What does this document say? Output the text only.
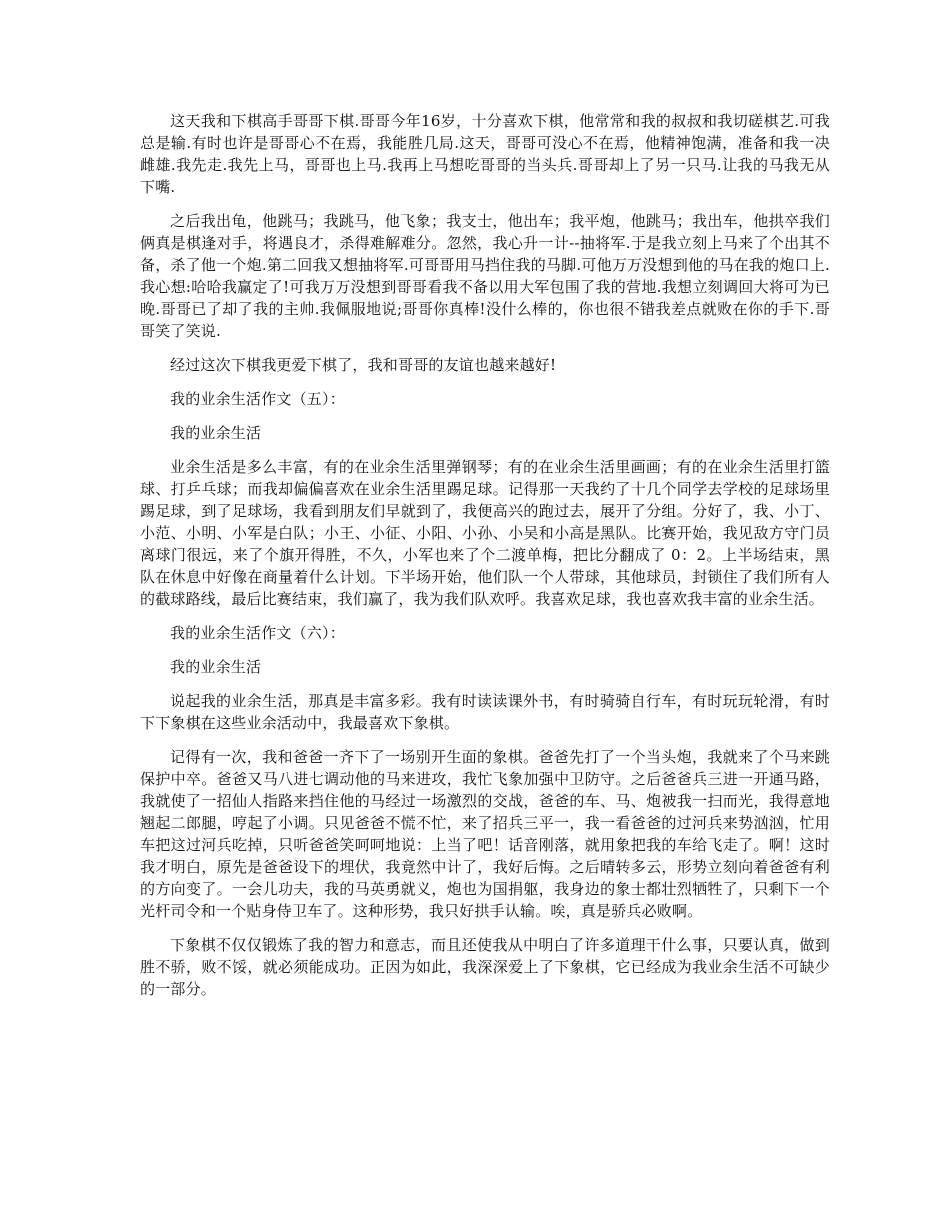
这天我和下棋高手哥哥下棋.哥哥今年16岁，十分喜欢下棋，他常常和我的叔叔和我切磋棋艺.可我总是输.有时也许是哥哥心不在焉，我能胜几局.这天，哥哥可没心不在焉，他精神饱满，准备和我一决雌雄.我先走.我先上马，哥哥也上马.我再上马想吃哥哥的当头兵.哥哥却上了另一只马.让我的马我无从下嘴.

之后我出龟，他跳马；我跳马，他飞象；我支士，他出车；我平炮，他跳马；我出车，他拱卒我们俩真是棋逢对手，将遇良才，杀得难解难分。忽然，我心升一计--抽将军.于是我立刻上马来了个出其不备，杀了他一个炮.第二回我又想抽将军.可哥哥用马挡住我的马脚.可他万万没想到他的马在我的炮口上.我心想:哈哈我赢定了!可我万万没想到哥哥看我不备以用大军包围了我的营地.我想立刻调回大将可为已晚.哥哥已了却了我的主帅.我佩服地说;哥哥你真棒!没什么棒的，你也很不错我差点就败在你的手下.哥哥笑了笑说.

经过这次下棋我更爱下棋了，我和哥哥的友谊也越来越好!

我的业余生活作文（五）：

我的业余生活

业余生活是多么丰富，有的在业余生活里弹钢琴；有的在业余生活里画画；有的在业余生活里打篮球、打乒乓球；而我却偏偏喜欢在业余生活里踢足球。记得那一天我约了十几个同学去学校的足球场里踢足球，到了足球场，我看到朋友们早就到了，我便高兴的跑过去，展开了分组。分好了，我、小丁、小范、小明、小军是白队；小王、小征、小阳、小孙、小吴和小高是黑队。比赛开始，我见敌方守门员离球门很远，来了个旗开得胜，不久，小军也来了个二渡单梅，把比分翻成了 0：2。上半场结束，黑队在休息中好像在商量着什么计划。下半场开始，他们队一个人带球，其他球员，封锁住了我们所有人的截球路线，最后比赛结束，我们赢了，我为我们队欢呼。我喜欢足球，我也喜欢我丰富的业余生活。

我的业余生活作文（六）：

我的业余生活

说起我的业余生活，那真是丰富多彩。我有时读读课外书，有时骑骑自行车，有时玩玩轮滑，有时下下象棋在这些业余活动中，我最喜欢下象棋。

记得有一次，我和爸爸一齐下了一场别开生面的象棋。爸爸先打了一个当头炮，我就来了个马来跳保护中卒。爸爸又马八进七调动他的马来进攻，我忙飞象加强中卫防守。之后爸爸兵三进一开通马路，我就使了一招仙人指路来挡住他的马经过一场激烈的交战，爸爸的车、马、炮被我一扫而光，我得意地翘起二郎腿，哼起了小调。只见爸爸不慌不忙，来了招兵三平一，我一看爸爸的过河兵来势汹汹，忙用车把这过河兵吃掉，只听爸爸笑呵呵地说：上当了吧！话音刚落，就用象把我的车给飞走了。啊！这时我才明白，原先是爸爸设下的埋伏，我竟然中计了，我好后悔。之后晴转多云，形势立刻向着爸爸有利的方向变了。一会儿功夫，我的马英勇就义，炮也为国捐躯，我身边的象士都壮烈牺牲了，只剩下一个光杆司令和一个贴身侍卫车了。这种形势，我只好拱手认输。唉，真是骄兵必败啊。

下象棋不仅仅锻炼了我的智力和意志，而且还使我从中明白了许多道理干什么事，只要认真，做到胜不骄，败不馁，就必须能成功。正因为如此，我深深爱上了下象棋，它已经成为我业余生活不可缺少的一部分。
